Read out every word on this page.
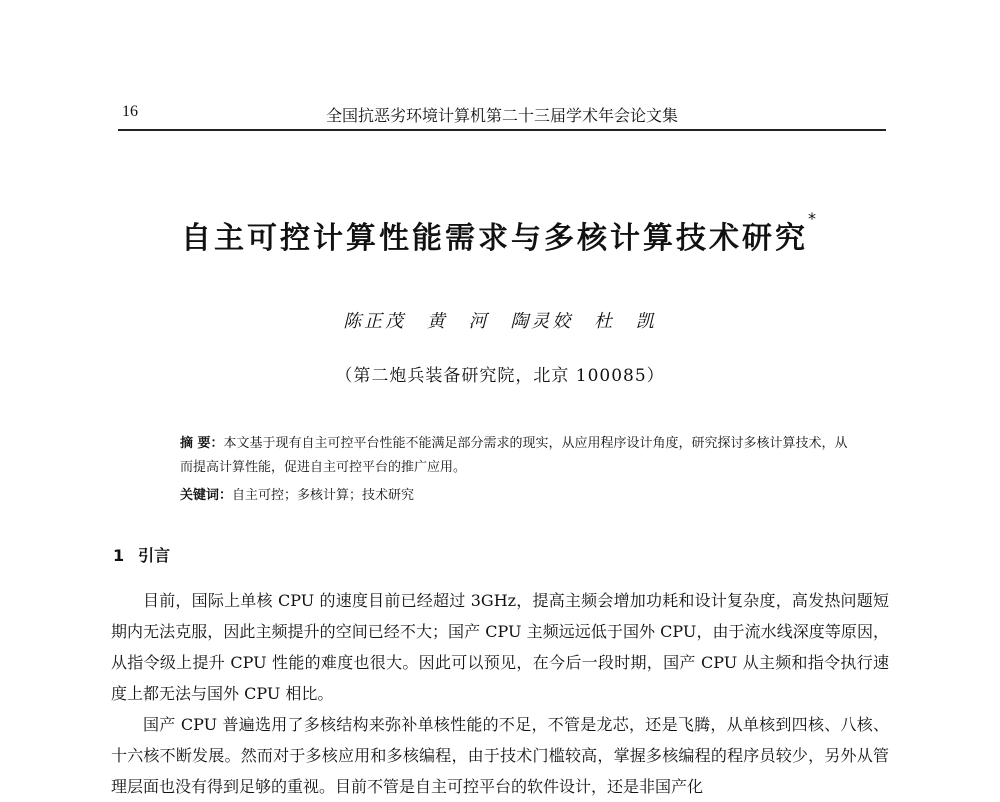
16	全国抗恶劣环境计算机第二十三届学术年会论文集
自主可控计算性能需求与多核计算技术研究*
陈正茂 黄 河 陶灵姣 杜 凯
（第二炮兵装备研究院，北京 100085）
摘 要：本文基于现有自主可控平台性能不能满足部分需求的现实，从应用程序设计角度，研究探讨多核计算技术，从而提高计算性能，促进自主可控平台的推广应用。
关键词：自主可控；多核计算；技术研究
1 引言

目前，国际上单核 CPU 的速度目前已经超过 3GHz，提高主频会增加功耗和设计复杂度，高发热问题短期内无法克服，因此主频提升的空间已经不大；国产 CPU 主频远远低于国外 CPU，由于流水线深度等原因，从指令级上提升 CPU 性能的难度也很大。因此可以预见，在今后一段时期，国产 CPU 从主频和指令执行速度上都无法与国外 CPU 相比。

国产 CPU 普遍选用了多核结构来弥补单核性能的不足，不管是龙芯，还是飞腾，从单核到四核、八核、十六核不断发展。然而对于多核应用和多核编程，由于技术门槛较高，掌握多核编程的程序员较少，另外从管理层面也没有得到足够的重视。目前不管是自主可控平台的软件设计，还是非国产化
